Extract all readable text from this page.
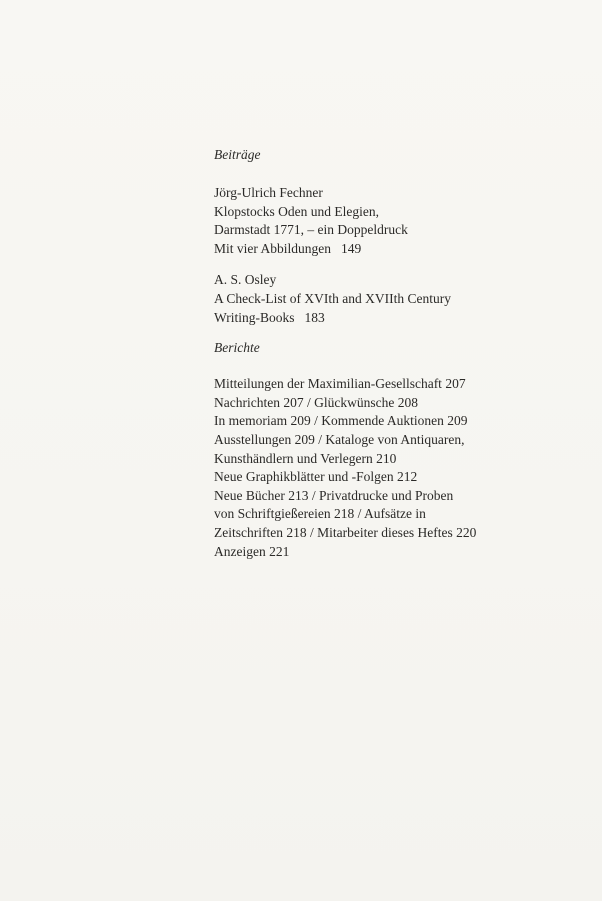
Beiträge

Jörg-Ulrich Fechner

Klopstocks Oden und Elegien,

Darmstadt 1771, – ein Doppeldruck

Mit vier Abbildungen 149

A. S. Osley

A Check-List of XVIth and XVIIth Century

Writing-Books 183

Berichte

Mitteilungen der Maximilian-Gesellschaft 207

Nachrichten 207 / Glückwünsche 208

In memoriam 209 / Kommende Auktionen 209

Ausstellungen 209 / Kataloge von Antiquaren,

Kunsthändlern und Verlegern 210

Neue Graphikblätter und -Folgen 212

Neue Bücher 213 / Privatdrucke und Proben

von Schriftgießereien 218 / Aufsätze in

Zeitschriften 218 / Mitarbeiter dieses Heftes 220

Anzeigen 221
